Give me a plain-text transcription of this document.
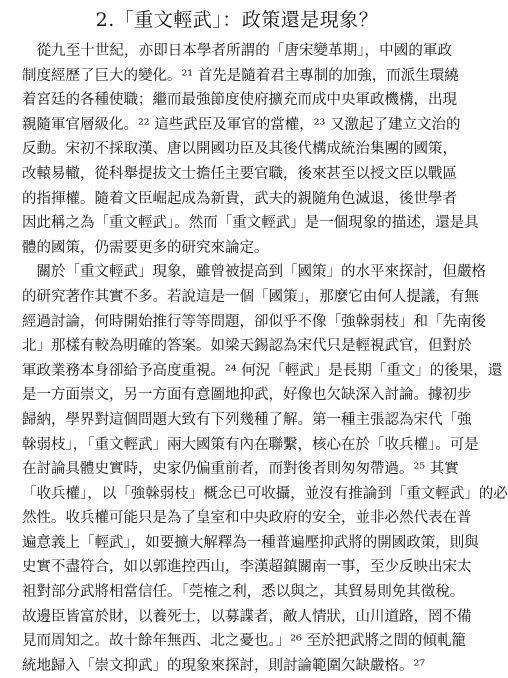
2.「重文輕武」：政策還是現象？
　從九至十世紀，亦即日本學者所謂的「唐宋變革期」，中國的軍政
制度經歷了巨大的變化。²¹ 首先是隨着君主專制的加強，而派生環繞
着宮廷的各種使職；繼而最強節度使府擴充而成中央軍政機構，出現
親隨軍官層級化。²² 這些武臣及軍官的當權，²³ 又激起了建立文治的
反動。宋初不採取漢、唐以開國功臣及其後代構成統治集團的國策，
改轅易轍，從科舉提拔文士擔任主要官職，後來甚至以授文臣以戰區
的指揮權。隨着文臣崛起成為新貴，武夫的親隨角色滅退，後世學者
因此稱之為「重文輕武」。然而「重文輕武」是一個現象的描述，還是具
體的國策，仍需要更多的研究來論定。
　關於「重文輕武」現象，雖曾被提高到「國策」的水平來探討，但嚴格
的研究著作其實不多。若說這是一個「國策」，那麼它由何人提議，有無
經過討論，何時開始推行等等問題，卻似乎不像「強榦弱枝」和「先南後
北」那樣有較為明確的答案。如梁天錫認為宋代只是輕視武官，但對於
軍政業務本身卻給予高度重視。²⁴ 何況「輕武」是長期「重文」的後果，還
是一方面崇文，另一方面有意圖地抑武，好像也欠缺深入討論。據初步
歸納，學界對這個問題大致有下列幾種了解。第一種主張認為宋代「強
榦弱枝」，「重文輕武」兩大國策有內在聯繫，核心在於「收兵權」。可是
在討論具體史實時，史家仍偏重前者，而對後者則匆匆帶過。²⁵ 其實
「收兵權」，以「強榦弱枝」概念已可收攝，並沒有推論到「重文輕武」的必
然性。收兵權可能只是為了皇室和中央政府的安全，並非必然代表在普
遍意義上「輕武」，如要擴大解釋為一種普遍壓抑武將的開國政策，則與
史實不盡符合，如以郭進控西山，李漢超鎮關南一事，至少反映出宋太
祖對部分武將相當信任。「莞榷之利，悉以與之，其貿易則免其徵稅。
故邊臣皆富於財，以養死士，以募諜者，敵人情狀，山川道路，罔不備
見而周知之。故十餘年無西、北之憂也。」²⁶ 至於把武將之問的傾軋籠
統地歸入「崇文抑武」的現象來探討，則討論範圍欠缺嚴格。²⁷
